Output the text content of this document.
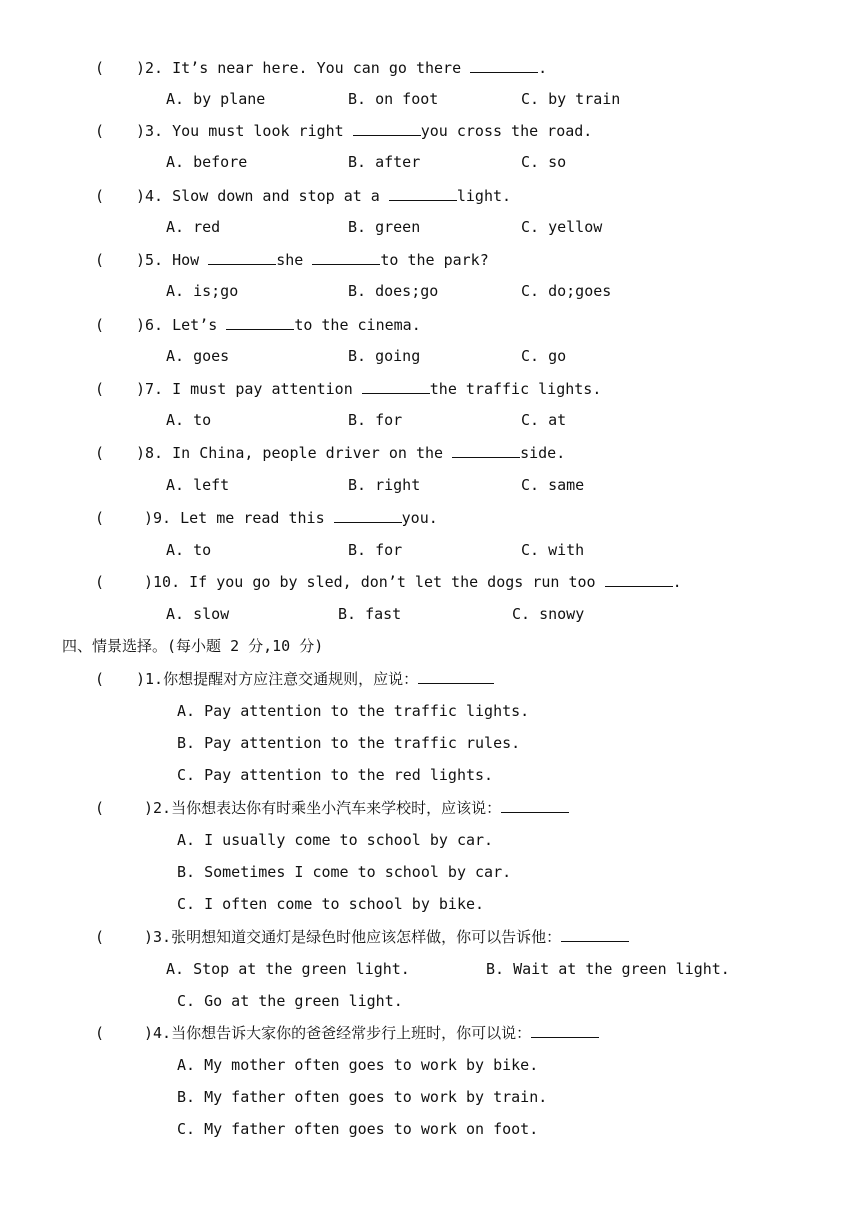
(
)2. It’s near here. You can go there	.
A. by plane	B. on foot	C. by train
(
)3. You must look right	you cross the road.
A. before	B. after	C. so
(
)4. Slow down and stop at a	light.
A. red	B. green	C. yellow
(
)5. How	she	to the park?
A. is;go	B. does;go	C. do;goes
(
)6. Let’s	to the cinema.
A. goes	B. going	C. go
(
)7. I must pay attention	the traffic lights.
A. to	B. for	C. at
(
)8. In China, people driver on the	side.
A. left	B. right	C. same
(
)9. Let me read this	you.
A. to	B. for	C. with
(
)10. If you go by sled, don’t let the dogs run too	.
A. slow	B. fast	C. snowy
四、情景选择。(每小题 2 分,10 分)
(
)1.你想提醒对方应注意交通规则，应说：
A. Pay attention to the traffic lights.
B. Pay attention to the traffic rules.
C. Pay attention to the red lights.
(
)2.当你想表达你有时乘坐小汽车来学校时，应该说：
A. I usually come to school by car.
B. Sometimes I come to school by car.
C. I often come to school by bike.
(
)3.张明想知道交通灯是绿色时他应该怎样做，你可以告诉他：
A. Stop at the green light.	B. Wait at the green light.
C. Go at the green light.
(
)4.当你想告诉大家你的爸爸经常步行上班时，你可以说：
A. My mother often goes to work by bike.
B. My father often goes to work by train.
C. My father often goes to work on foot.
